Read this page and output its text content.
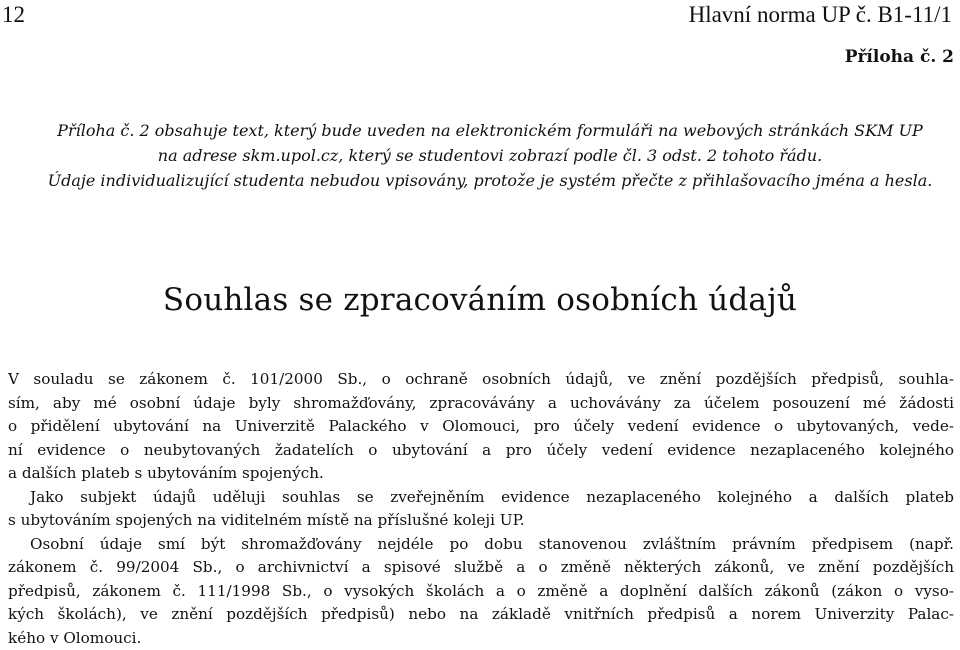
12	Hlavní norma UP č. B1-11/1
Příloha č. 2
Příloha č. 2 obsahuje text, který bude uveden na elektronickém formuláři na webových stránkách SKM UP
na adrese skm.upol.cz, který se studentovi zobrazí podle čl. 3 odst. 2 tohoto řádu.
Údaje individualizující studenta nebudou vpisovány, protože je systém přečte z přihlašovacího jména a hesla.
Souhlas se zpracováním osobních údajů
V souladu se zákonem č. 101/2000 Sb., o ochraně osobních údajů, ve znění pozdějších předpisů, souhla-
sím, aby mé osobní údaje byly shromažďovány, zpracovávány a uchovávány za účelem posouzení mé žádosti
o přidělení ubytování na Univerzitě Palackého v Olomouci, pro účely vedení evidence o ubytovaných, vede-
ní evidence o neubytovaných žadatelích o ubytování a pro účely vedení evidence nezaplaceného kolejného
a dalších plateb s ubytováním spojených.
Jako subjekt údajů uděluji souhlas se zveřejněním evidence nezaplaceného kolejného a dalších plateb
s ubytováním spojených na viditelném místě na příslušné koleji UP.
Osobní údaje smí být shromažďovány nejdéle po dobu stanovenou zvláštním právním předpisem (např.
zákonem č. 99/2004 Sb., o archivnictví a spisové službě a o změně některých zákonů, ve znění pozdějších
předpisů, zákonem č. 111/1998 Sb., o vysokých školách a o změně a doplnění dalších zákonů (zákon o vyso-
kých školách), ve znění pozdějších předpisů) nebo na základě vnitřních předpisů a norem Univerzity Palac-
kého v Olomouci.
